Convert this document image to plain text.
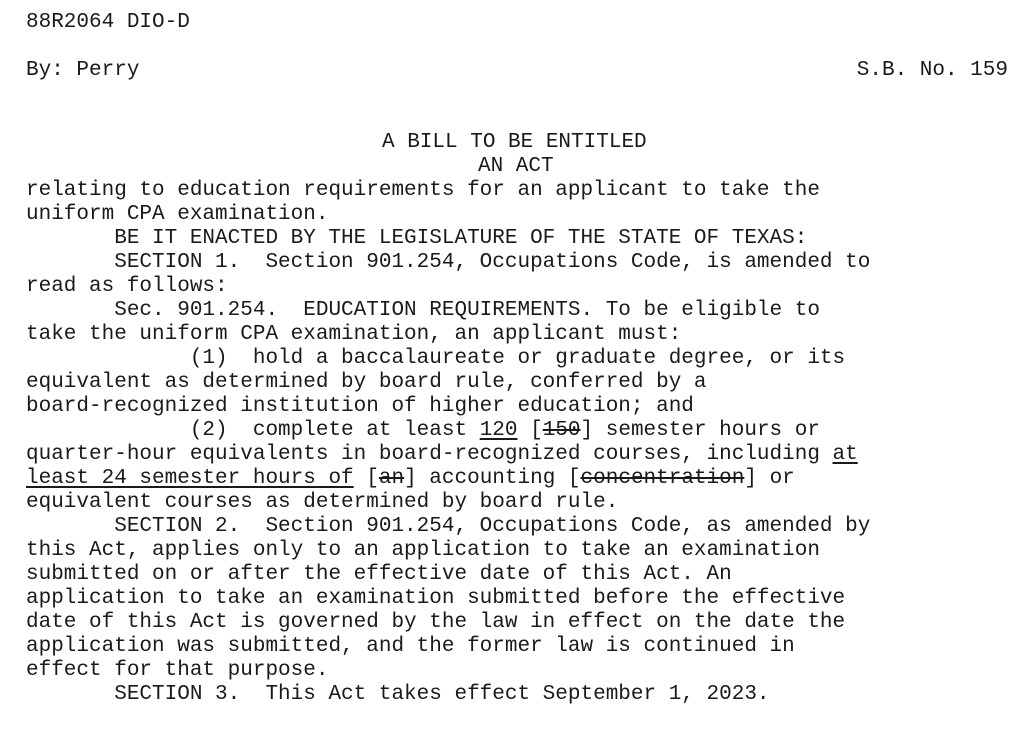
88R2064 DIO-D
By: Perry	S.B. No. 159
A BILL TO BE ENTITLED
AN ACT
relating to education requirements for an applicant to take the
uniform CPA examination.
BE IT ENACTED BY THE LEGISLATURE OF THE STATE OF TEXAS:
SECTION 1.  Section 901.254, Occupations Code, is amended to
read as follows:
Sec. 901.254.  EDUCATION REQUIREMENTS. To be eligible to
take the uniform CPA examination, an applicant must:
(1)  hold a baccalaureate or graduate degree, or its
equivalent as determined by board rule, conferred by a
board-recognized institution of higher education; and
(2)  complete at least 120 [150] semester hours or
quarter-hour equivalents in board-recognized courses, including at
least 24 semester hours of [an] accounting [concentration] or
equivalent courses as determined by board rule.
SECTION 2.  Section 901.254, Occupations Code, as amended by
this Act, applies only to an application to take an examination
submitted on or after the effective date of this Act. An
application to take an examination submitted before the effective
date of this Act is governed by the law in effect on the date the
application was submitted, and the former law is continued in
effect for that purpose.
SECTION 3.  This Act takes effect September 1, 2023.
